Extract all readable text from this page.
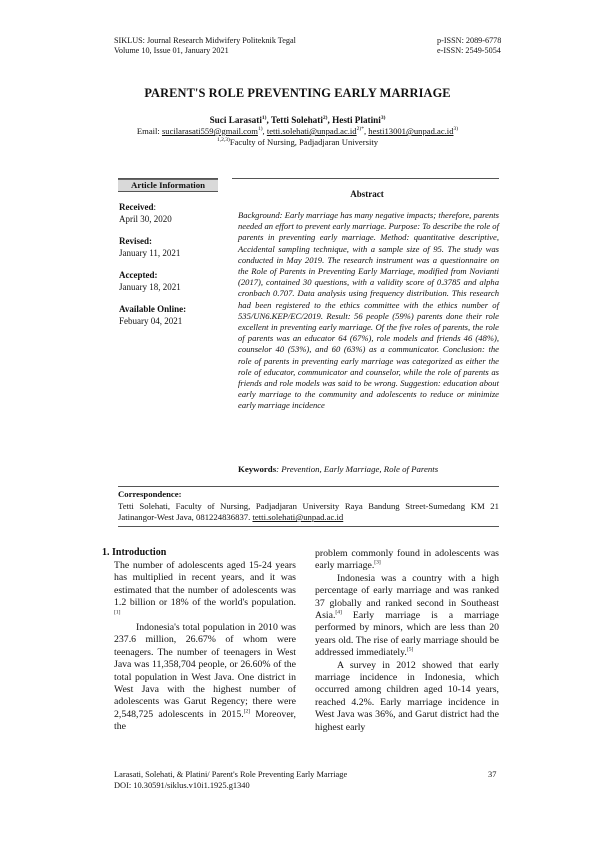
SIKLUS: Journal Research Midwifery Politeknik Tegal
Volume 10, Issue 01, January 2021
p-ISSN: 2089-6778
e-ISSN: 2549-5054
PARENT'S ROLE PREVENTING EARLY MARRIAGE
Suci Larasati$^{1)}$, Tetti Solehati$^{2)}$, Hesti Platini$^{3)}$
Email: sucilarasati559@gmail.com$^{1)}$, $tetti.solehati@unpad.ac.id^{2)*}$, $hesti13001@unpad.ac.id^{3)}$
$^{1,2,3)}$Faculty of Nursing, Padjadjaran University
Article Information
Received:
April 30, 2020
Revised:
January 11, 2021
Accepted:
January 18, 2021
Available Online:
Febuary 04, 2021
Abstract
Background: Early marriage has many negative impacts; therefore, parents needed an effort to prevent early marriage. Purpose: To describe the role of parents in preventing early marriage. Method: quantitative descriptive, Accidental sampling technique, with a sample size of 95. The study was conducted in May 2019. The research instrument was a questionnaire on the Role of Parents in Preventing Early Marriage, modified from Novianti (2017), contained 30 questions, with a validity score of 0.3785 and alpha cronbach 0.707. Data analysis using frequency distribution. This research had been registered to the ethics committee with the ethics number of 535/UN6.KEP/EC/2019. Result: 56 people (59%) parents done their role excellent in preventing early marriage. Of the five roles of parents, the role of parents was an educator 64 (67%), role models and friends 46 (48%), counselor 40 (53%), and 60 (63%) as a communicator. Conclusion: the role of parents in preventing early marriage was categorized as either the role of educator, communicator and counselor, while the role of parents as friends and role models was said to be wrong. Suggestion: education about early marriage to the community and adolescents to reduce or minimize early marriage incidence
Keywords: Prevention, Early Marriage, Role of Parents
Correspondence:
Tetti Solehati, Faculty of Nursing, Padjadjaran University Raya Bandung Street-Sumedang KM 21 Jatinangor-West Java, 081224836837. tetti.solehati@unpad.ac.id
1. Introduction

The number of adolescents aged 15-24 years has multiplied in recent years, and it was estimated that the number of adolescents was 1.2 billion or 18% of the world's population. [1]

Indonesia's total population in 2010 was 237.6 million, 26.67% of whom were teenagers. The number of teenagers in West Java was 11,358,704 people, or 26.60% of the total population in West Java. One district in West Java with the highest number of adolescents was Garut Regency; there were 2,548,725 adolescents in 2015.[2] Moreover, the

problem commonly found in adolescents was early marriage.[3]

Indonesia was a country with a high percentage of early marriage and was ranked 37 globally and ranked second in Southeast Asia.[4] Early marriage is a marriage performed by minors, which are less than 20 years old. The rise of early marriage should be addressed immediately.[5]

A survey in 2012 showed that early marriage incidence in Indonesia, which occurred among children aged 10-14 years, reached 4.2%. Early marriage incidence in West Java was 36%, and Garut district had the highest early

Larasati, Solehati, & Platini/ Parent's Role Preventing Early Marriage
DOI: 10.30591/siklus.v10i1.1925.g1340
37
